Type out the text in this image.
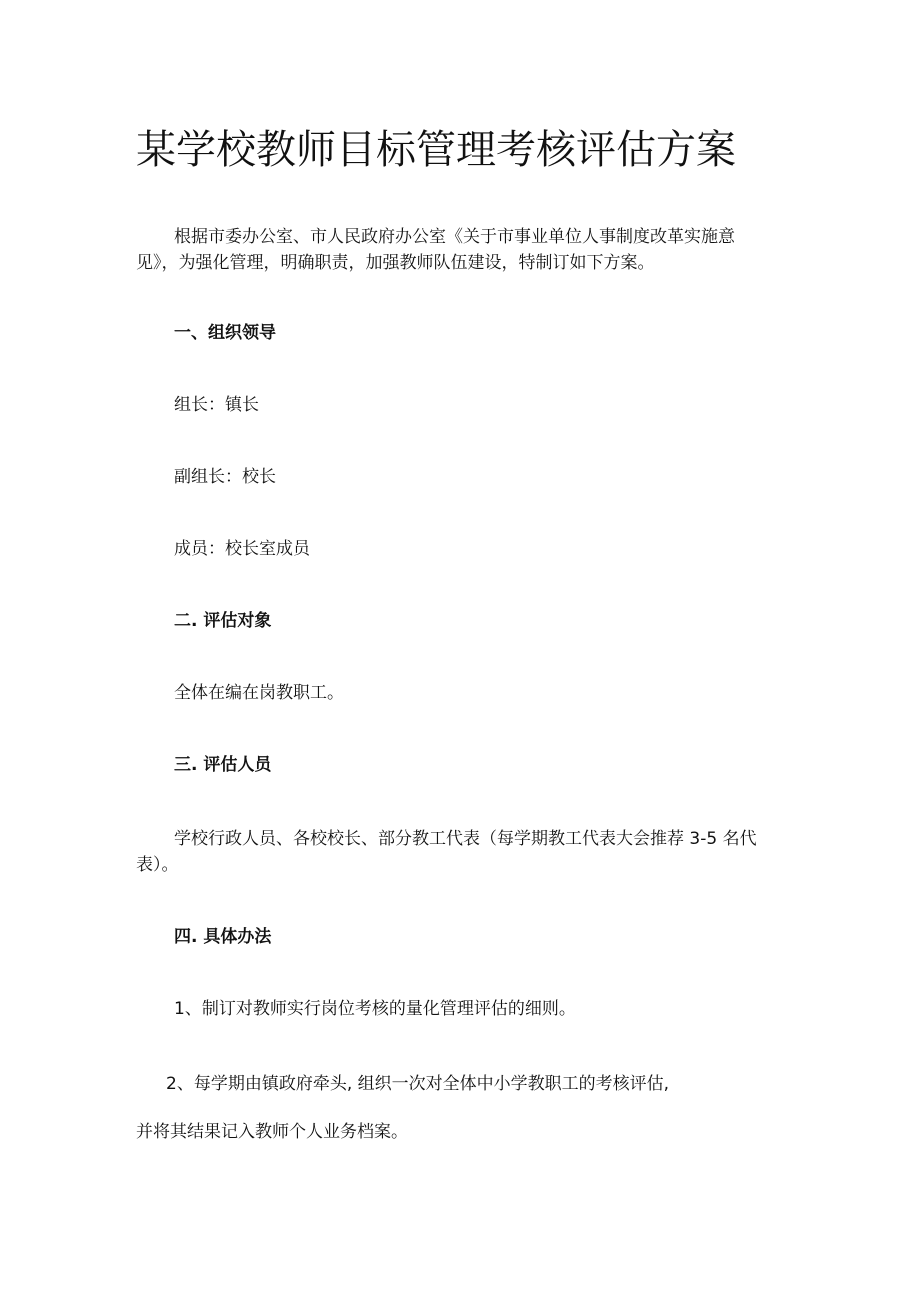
某学校教师目标管理考核评估方案
根据市委办公室、市人民政府办公室《关于市事业单位人事制度改革实施意见》，为强化管理，明确职责，加强教师队伍建设，特制订如下方案。
一、组织领导
组长：镇长
副组长：校长
成员：校长室成员
二. 评估对象
全体在编在岗教职工。
三. 评估人员
学校行政人员、各校校长、部分教工代表（每学期教工代表大会推荐 3-5 名代表）。
四. 具体办法
1、制订对教师实行岗位考核的量化管理评估的细则。
2、每学期由镇政府牵头, 组织一次对全体中小学教职工的考核评估,
并将其结果记入教师个人业务档案。
